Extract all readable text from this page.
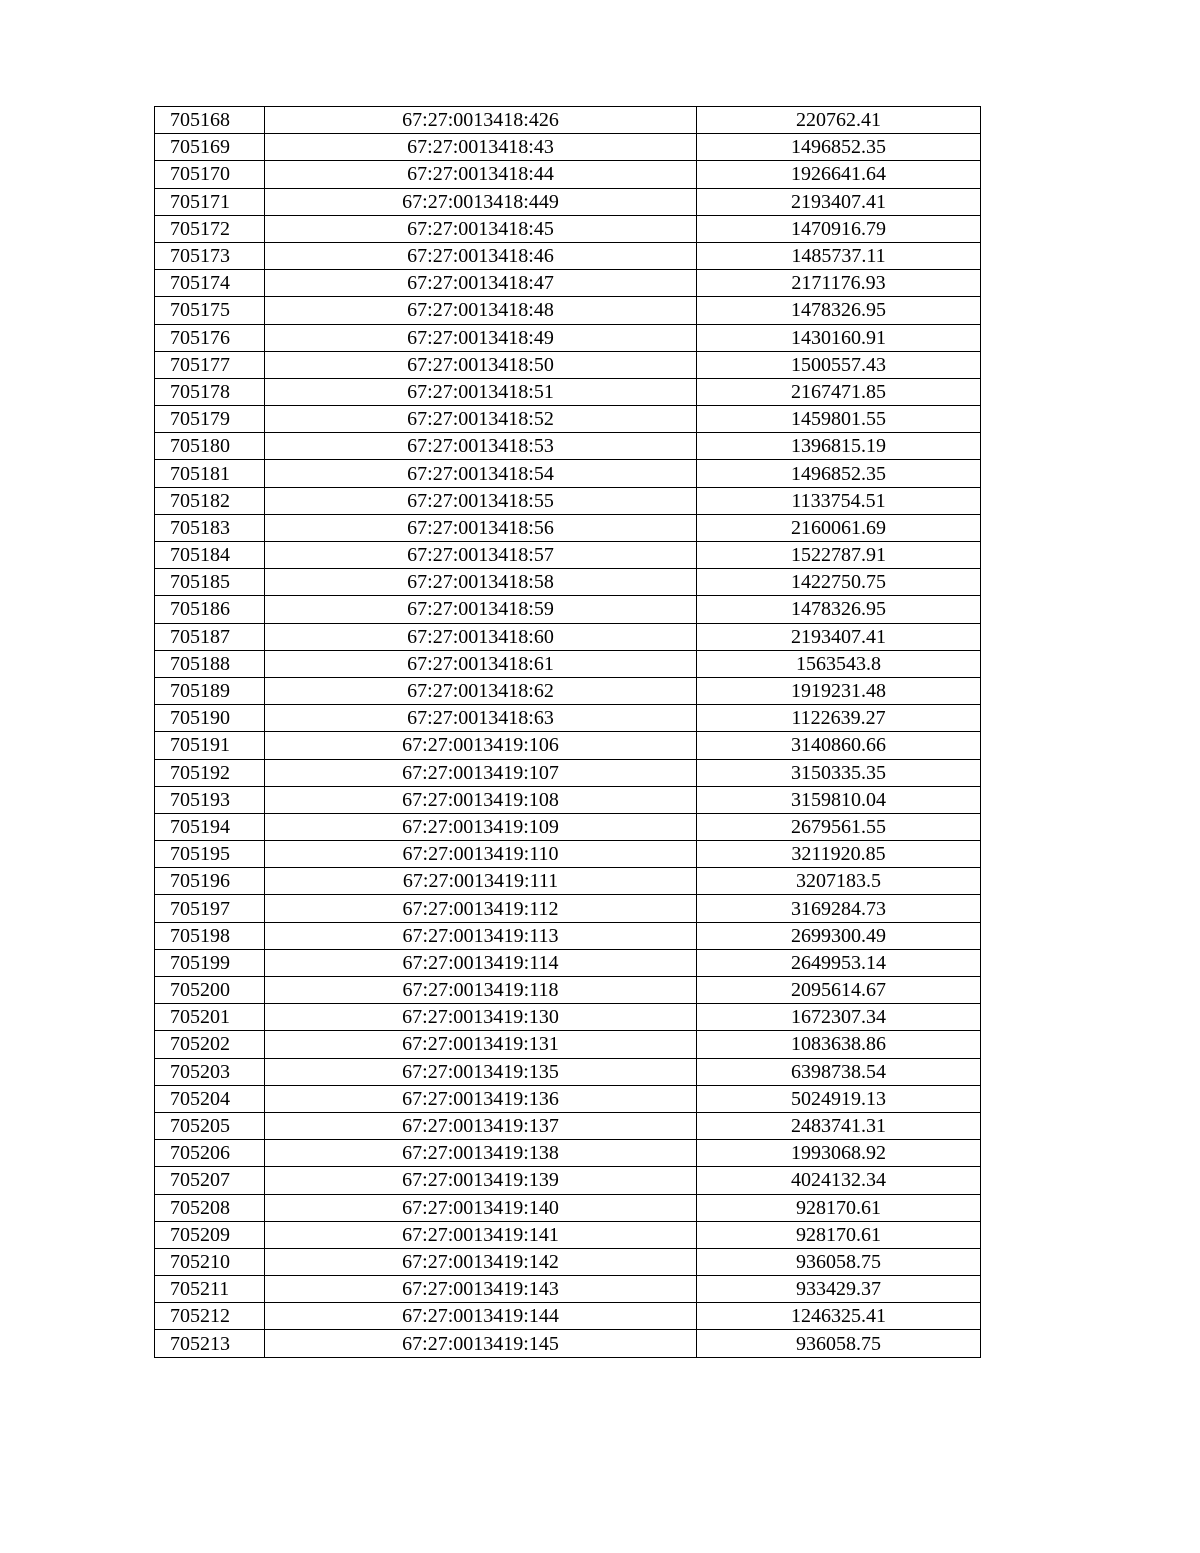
705168	67:27:0013418:426	220762.41
705169	67:27:0013418:43	1496852.35
705170	67:27:0013418:44	1926641.64
705171	67:27:0013418:449	2193407.41
705172	67:27:0013418:45	1470916.79
705173	67:27:0013418:46	1485737.11
705174	67:27:0013418:47	2171176.93
705175	67:27:0013418:48	1478326.95
705176	67:27:0013418:49	1430160.91
705177	67:27:0013418:50	1500557.43
705178	67:27:0013418:51	2167471.85
705179	67:27:0013418:52	1459801.55
705180	67:27:0013418:53	1396815.19
705181	67:27:0013418:54	1496852.35
705182	67:27:0013418:55	1133754.51
705183	67:27:0013418:56	2160061.69
705184	67:27:0013418:57	1522787.91
705185	67:27:0013418:58	1422750.75
705186	67:27:0013418:59	1478326.95
705187	67:27:0013418:60	2193407.41
705188	67:27:0013418:61	1563543.8
705189	67:27:0013418:62	1919231.48
705190	67:27:0013418:63	1122639.27
705191	67:27:0013419:106	3140860.66
705192	67:27:0013419:107	3150335.35
705193	67:27:0013419:108	3159810.04
705194	67:27:0013419:109	2679561.55
705195	67:27:0013419:110	3211920.85
705196	67:27:0013419:111	3207183.5
705197	67:27:0013419:112	3169284.73
705198	67:27:0013419:113	2699300.49
705199	67:27:0013419:114	2649953.14
705200	67:27:0013419:118	2095614.67
705201	67:27:0013419:130	1672307.34
705202	67:27:0013419:131	1083638.86
705203	67:27:0013419:135	6398738.54
705204	67:27:0013419:136	5024919.13
705205	67:27:0013419:137	2483741.31
705206	67:27:0013419:138	1993068.92
705207	67:27:0013419:139	4024132.34
705208	67:27:0013419:140	928170.61
705209	67:27:0013419:141	928170.61
705210	67:27:0013419:142	936058.75
705211	67:27:0013419:143	933429.37
705212	67:27:0013419:144	1246325.41
705213	67:27:0013419:145	936058.75
